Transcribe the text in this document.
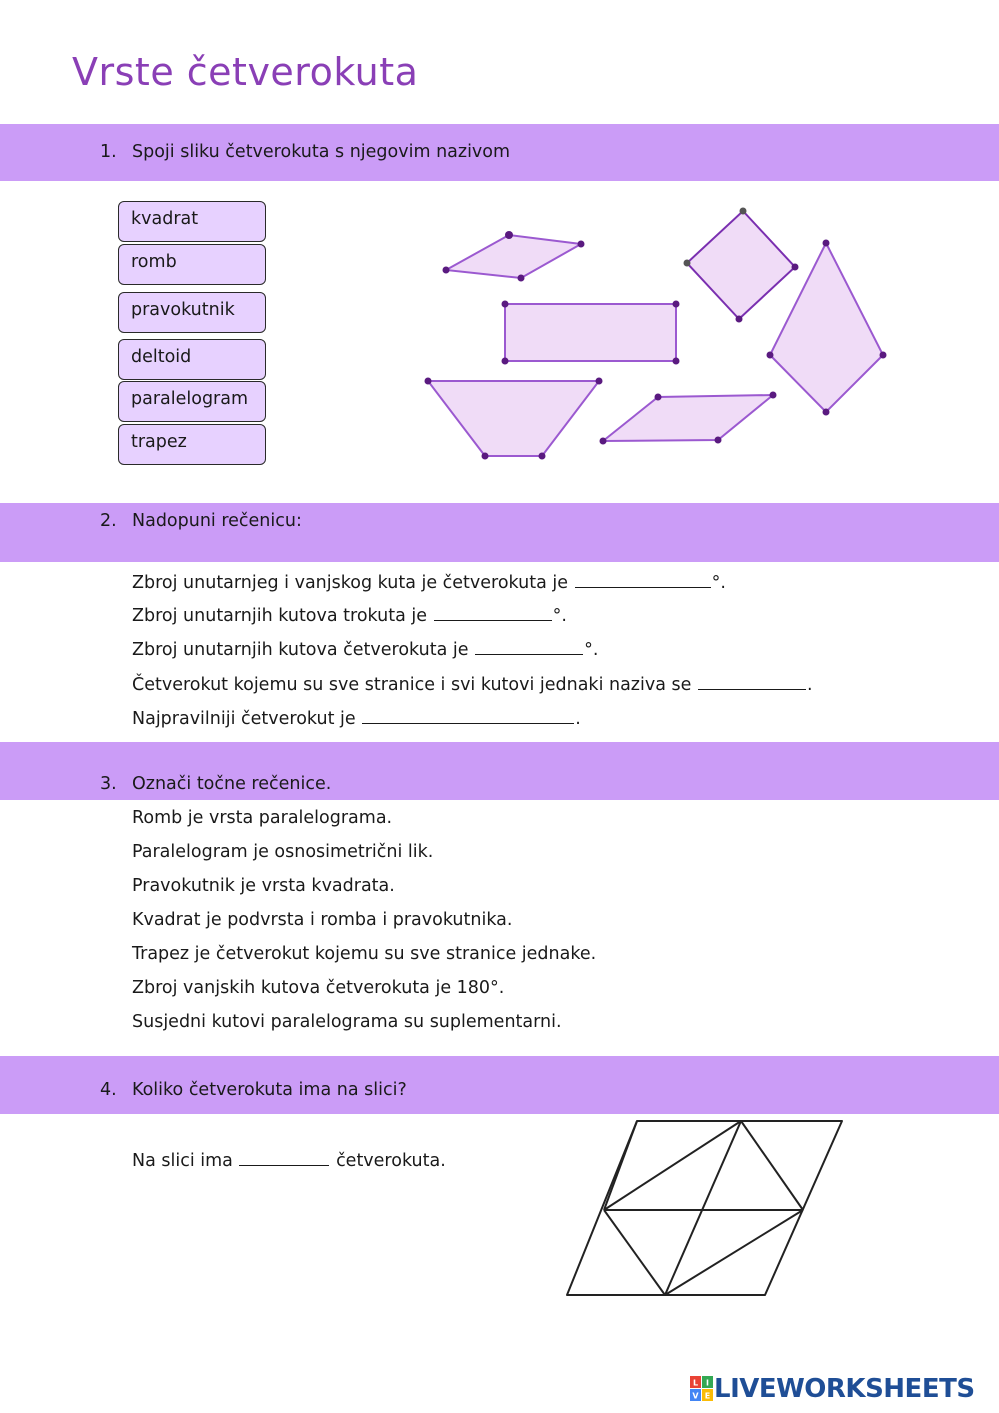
Vrste četverokuta
1. Spoji sliku četverokuta s njegovim nazivom
kvadrat
romb
pravokutnik
deltoid
paralelogram
trapez
2. Nadopuni rečenicu:
Zbroj unutarnjeg i vanjskog kuta je četverokuta je	°.
Zbroj unutarnjih kutova trokuta je	°.
Zbroj unutarnjih kutova četverokuta je	°.
Četverokut kojemu su sve stranice i svi kutovi jednaki naziva se	.
Najpravilniji četverokut je	.
3. Označi točne rečenice.
Romb je vrsta paralelograma.
Paralelogram je osnosimetrični lik.
Pravokutnik je vrsta kvadrata.
Kvadrat je podvrsta i romba i pravokutnika.
Trapez je četverokut kojemu su sve stranice jednake.
Zbroj vanjskih kutova četverokuta je 180°.
Susjedni kutovi paralelograma su suplementarni.
4. Koliko četverokuta ima na slici?
Na slici ima	četverokuta.
L I
V E LIVEWORKSHEETS
